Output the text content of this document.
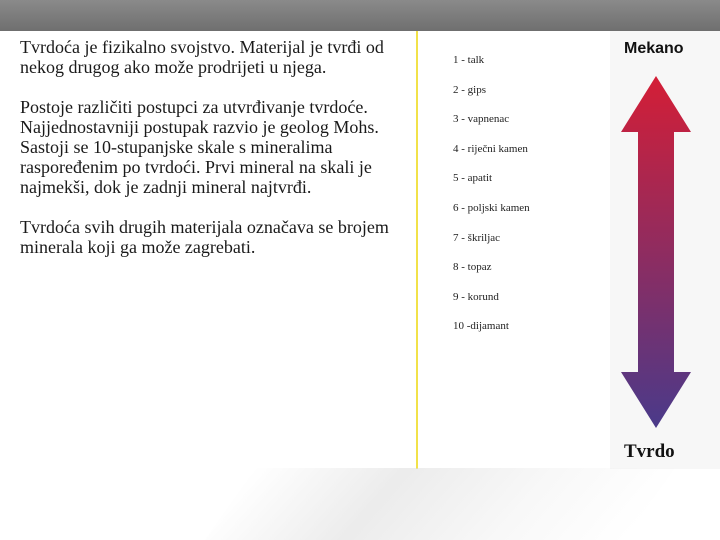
Tvrdoća je fizikalno svojstvo. Materijal je tvrđi od nekog drugog ako može prodrijeti u njega.

Postoje različiti postupci za utvrđivanje tvrdoće. Najjednostavniji postupak razvio je geolog Mohs. Sastoji se 10-stupanjske skale s mineralima raspoređenim po tvrdoći. Prvi mineral na skali je najmekši, dok je zadnji mineral najtvrđi.

Tvrdoća svih drugih materijala označava se brojem minerala koji ga može zagrebati.

1 - talk
2 - gips
3 - vapnenac
4 - riječni kamen
5 - apatit
6 - poljski kamen
7 - škriljac
8 - topaz
9 - korund
10 -dijamant
Mekano
Tvrdo
